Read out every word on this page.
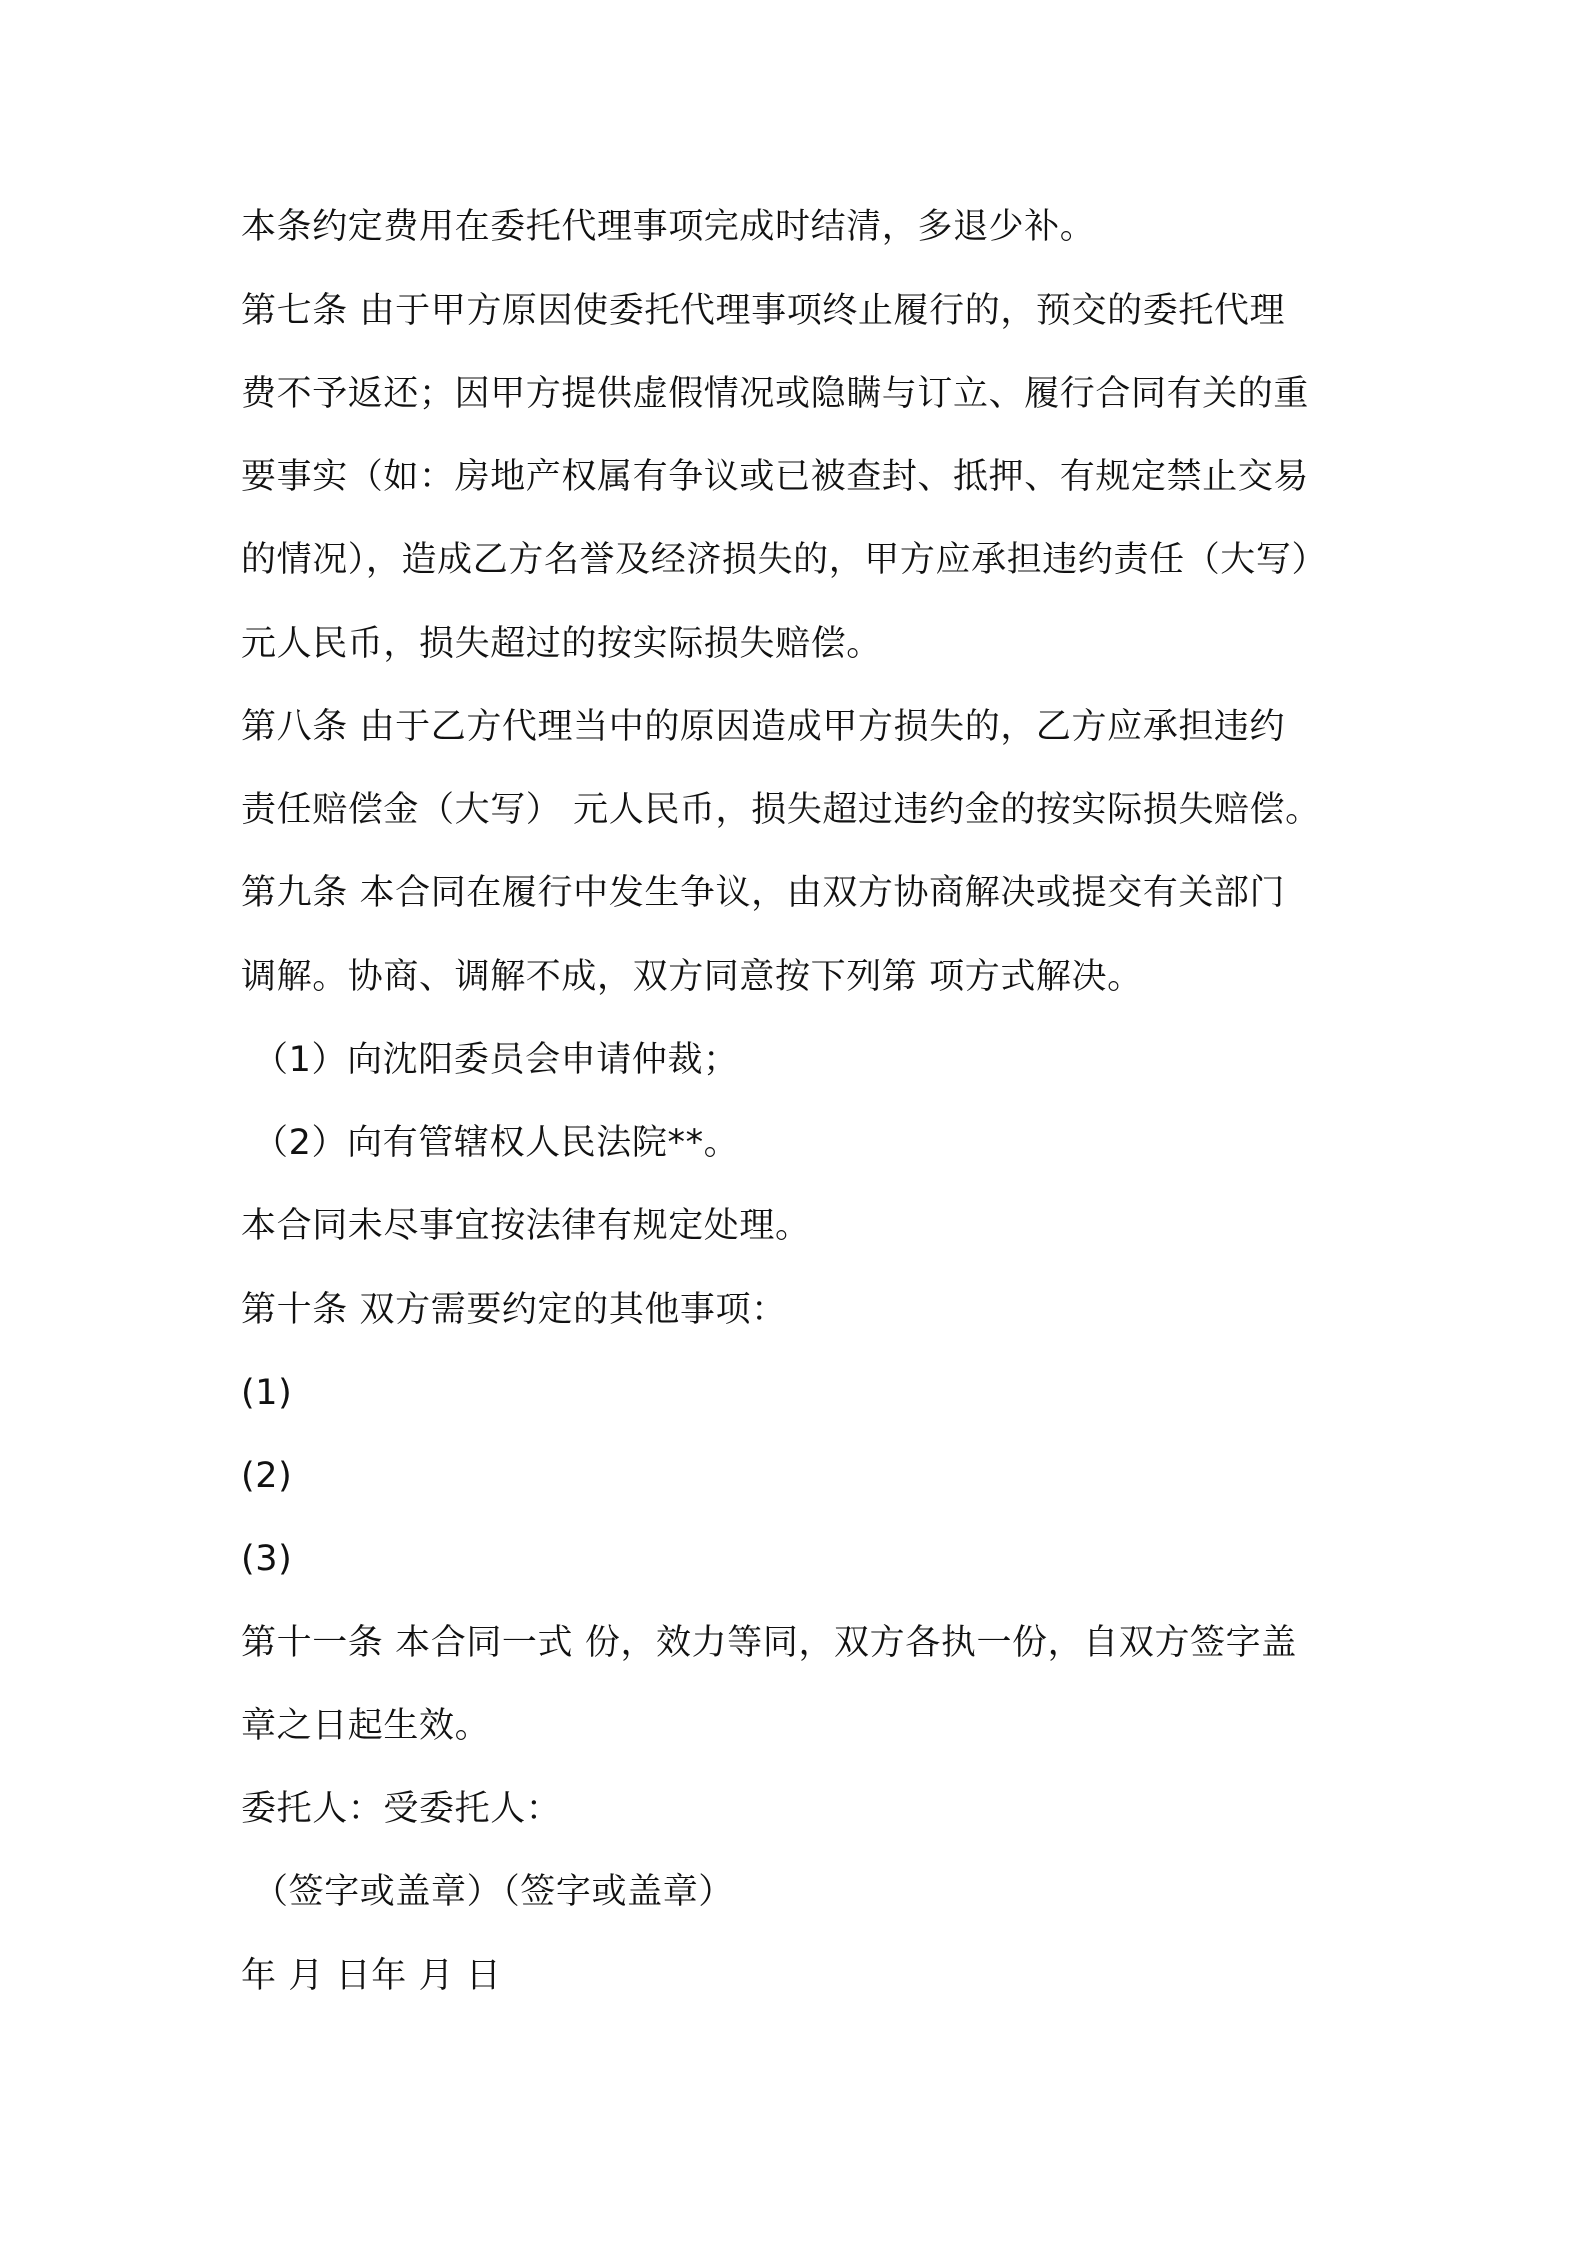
本条约定费用在委托代理事项完成时结清，多退少补。
第七条 由于甲方原因使委托代理事项终止履行的，预交的委托代理
费不予返还；因甲方提供虚假情况或隐瞒与订立、履行合同有关的重
要事实（如：房地产权属有争议或已被查封、抵押、有规定禁止交易
的情况），造成乙方名誉及经济损失的，甲方应承担违约责任（大写）
元人民币，损失超过的按实际损失赔偿。
第八条 由于乙方代理当中的原因造成甲方损失的，乙方应承担违约
责任赔偿金（大写） 元人民币，损失超过违约金的按实际损失赔偿。
第九条 本合同在履行中发生争议，由双方协商解决或提交有关部门
调解。协商、调解不成，双方同意按下列第 项方式解决。
（1）向沈阳委员会申请仲裁；
（2）向有管辖权人民法院**。
本合同未尽事宜按法律有规定处理。
第十条 双方需要约定的其他事项：
(1)
(2)
(3)
第十一条 本合同一式 份，效力等同，双方各执一份，自双方签字盖
章之日起生效。
委托人：受委托人：
（签字或盖章）（签字或盖章）
年 月 日年 月 日
